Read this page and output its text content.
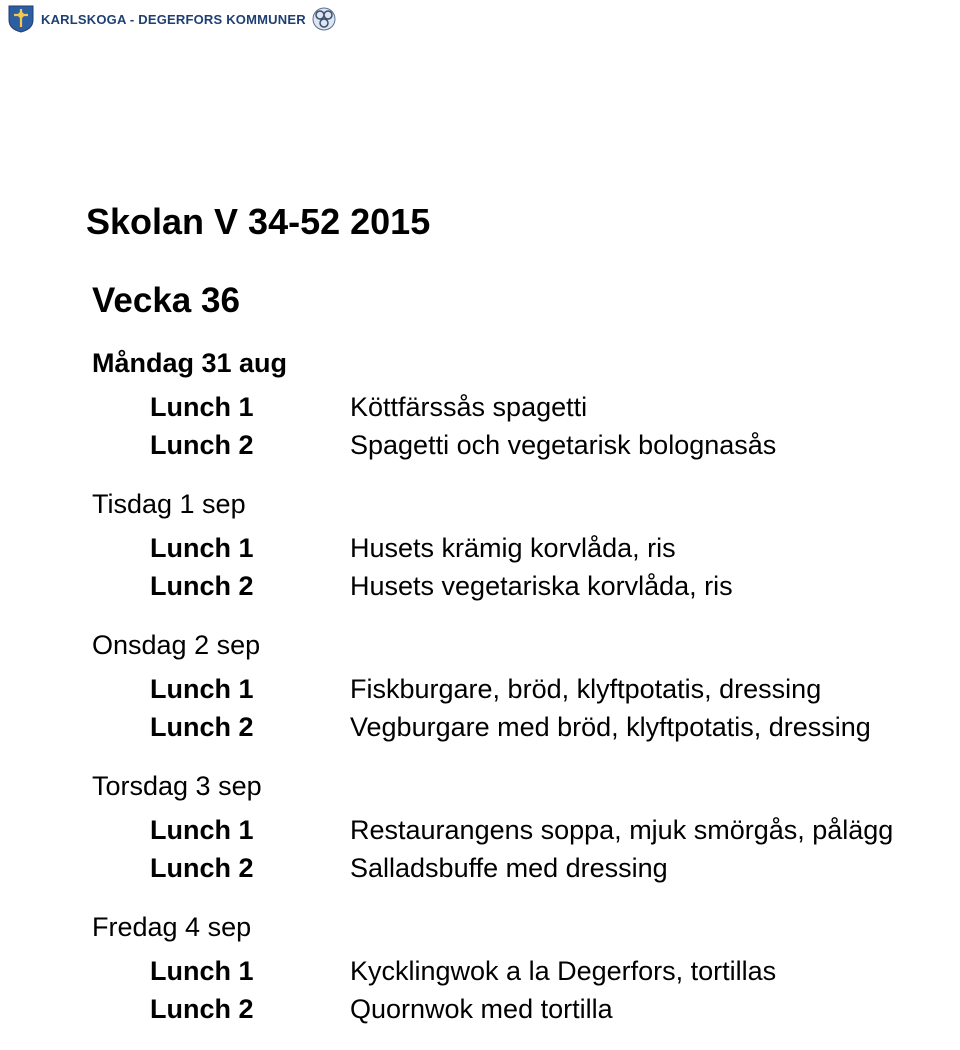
KARLSKOGA - DEGERFORS KOMMUNER
Skolan V 34-52 2015
Vecka 36
Måndag 31 aug
Lunch 1	Köttfärssås spagetti
Lunch 2	Spagetti och vegetarisk bolognasås
Tisdag 1 sep
Lunch 1	Husets krämig korvlåda, ris
Lunch 2	Husets vegetariska korvlåda, ris
Onsdag 2 sep
Lunch 1	Fiskburgare, bröd, klyftpotatis, dressing
Lunch 2	Vegburgare med bröd, klyftpotatis, dressing
Torsdag 3 sep
Lunch 1	Restaurangens soppa, mjuk smörgås, pålägg
Lunch 2	Salladsbuffe med dressing
Fredag 4 sep
Lunch 1	Kycklingwok a la Degerfors, tortillas
Lunch 2	Quornwok med tortilla
